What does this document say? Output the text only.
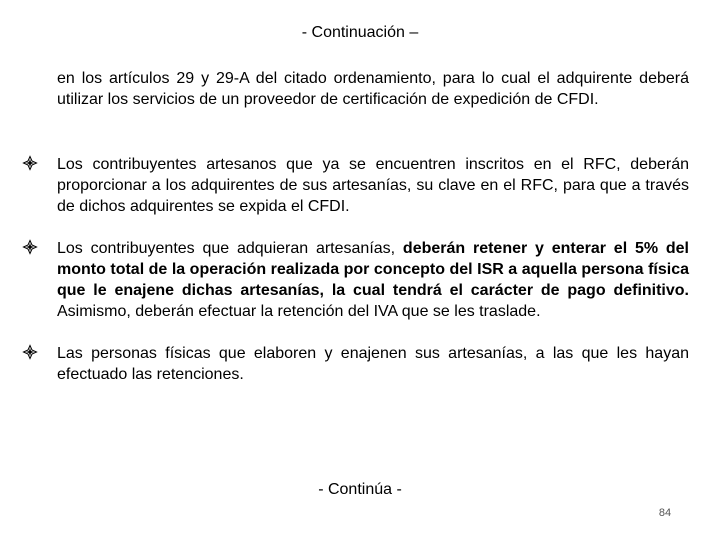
- Continuación –
en los artículos 29 y 29-A del citado ordenamiento, para lo cual el adquirente deberá utilizar los servicios de un proveedor de certificación de expedición de CFDI.
Los contribuyentes artesanos que ya se encuentren inscritos en el RFC, deberán proporcionar a los adquirentes de sus artesanías, su clave en el RFC, para que a través de dichos adquirentes se expida el CFDI.
Los contribuyentes que adquieran artesanías, deberán retener y enterar el 5% del monto total de la operación realizada por concepto del ISR a aquella persona física que le enajene dichas artesanías, la cual tendrá el carácter de pago definitivo. Asimismo, deberán efectuar la retención del IVA que se les traslade.
Las personas físicas que elaboren y enajenen sus artesanías, a las que les hayan efectuado las retenciones.
- Continúa -
84
